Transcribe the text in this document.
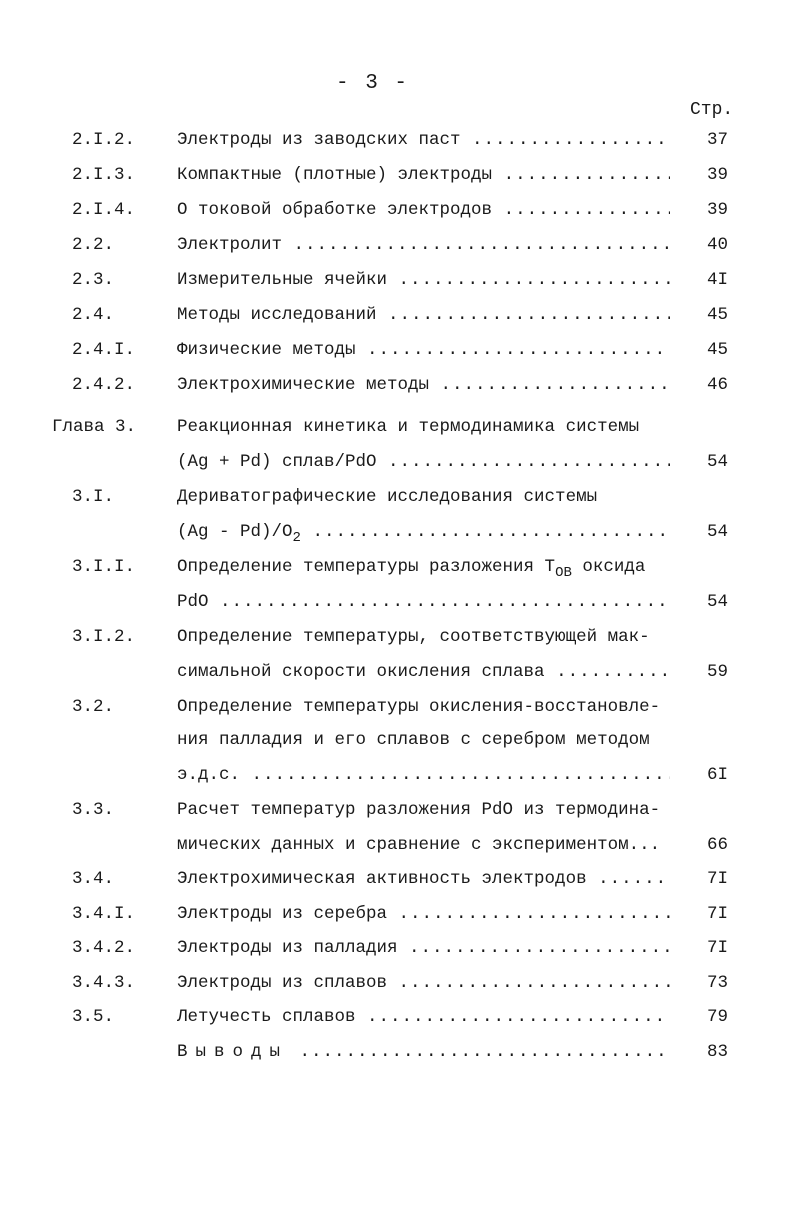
- 3 -
Стр.
2.I.2. Электроды из заводских паст .....	37
2.I.3. Компактные (плотные) электроды .....	39
2.I.4. О токовой обработке электродов .....	39
2.2.	Электролит .....	40
2.3.	Измерительные ячейки .....	4I
2.4.	Методы исследований .....	45
2.4.I. Физические методы .....	45
2.4.2. Электрохимические методы .....	46
Глава 3. Реакционная кинетика и термодинамика системы
(Ag + Pd) сплав/PdO .....	54
3.I.	Дериватографические исследования системы
$(Ag - Pd)/O_2$ .....	54
3.I.I. Определение температуры разложения $T_{OB}$ оксида
PdO .....	54
3.I.2. Определение температуры, соответствующей мак-
симальной скорости окисления сплава .....	59
3.2.	Определение температуры окисления-восстановле-
ния палладия и его сплавов с серебром методом
э.д.с. .....	6I
3.3.	Расчет температур разложения PdO из термодина-
мических данных и сравнение с экспериментом...	66
3.4.	Электрохимическая активность электродов .....	7I
3.4.I. Электроды из серебра .....	7I
3.4.2. Электроды из палладия .....	7I
3.4.3. Электроды из сплавов .....	73
3.5.	Летучесть сплавов .....	79
Выводы .....	83
